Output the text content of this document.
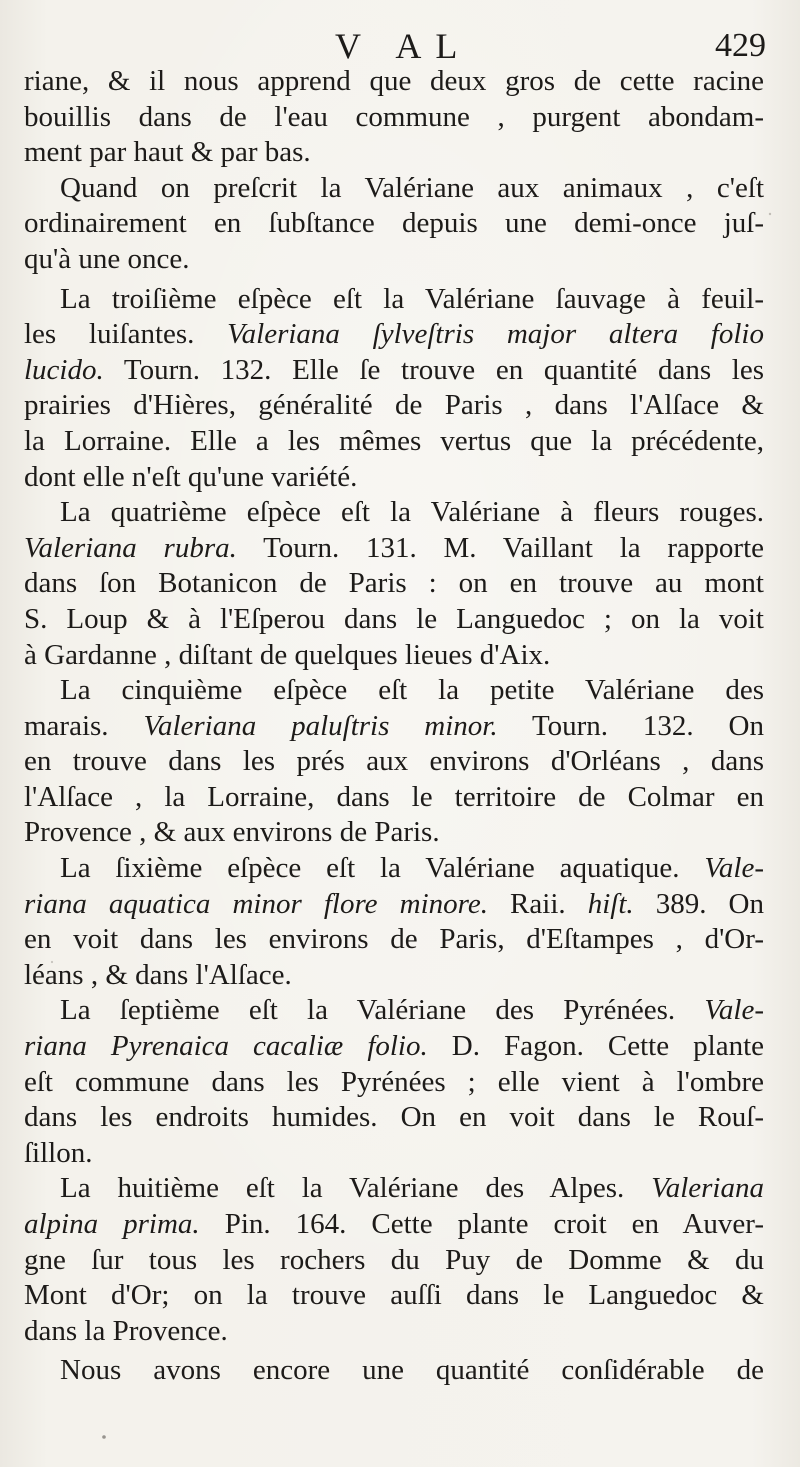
V AL	429
riane, & il nous apprend que deux gros de cette racine
bouillis dans de l'eau commune , purgent abondam-
ment par haut & par bas.
Quand on preſcrit la Valériane aux animaux , c'eſt
ordinairement en ſubſtance depuis une demi-once juſ-
qu'à une once.
La troiſième eſpèce eſt la Valériane ſauvage à feuil-
les luiſantes. Valeriana ſylveſtris major altera folio
lucido. Tourn. 132. Elle ſe trouve en quantité dans les
prairies d'Hières, généralité de Paris , dans l'Alſace &
la Lorraine. Elle a les mêmes vertus que la précédente,
dont elle n'eſt qu'une variété.
La quatrième eſpèce eſt la Valériane à fleurs rouges.
Valeriana rubra. Tourn. 131. M. Vaillant la rapporte
dans ſon Botanicon de Paris : on en trouve au mont
S. Loup & à l'Eſperou dans le Languedoc ; on la voit
à Gardanne , diſtant de quelques lieues d'Aix.
La cinquième eſpèce eſt la petite Valériane des
marais. Valeriana paluſtris minor. Tourn. 132. On
en trouve dans les prés aux environs d'Orléans , dans
l'Alſace , la Lorraine, dans le territoire de Colmar en
Provence , & aux environs de Paris.
La ſixième eſpèce eſt la Valériane aquatique. Vale-
riana aquatica minor flore minore. Raii. hiſt. 389. On
en voit dans les environs de Paris, d'Eſtampes , d'Or-
léans , & dans l'Alſace.
La ſeptième eſt la Valériane des Pyrénées. Vale-
riana Pyrenaica cacaliæ folio. D. Fagon. Cette plante
eſt commune dans les Pyrénées ; elle vient à l'ombre
dans les endroits humides. On en voit dans le Rouſ-
ſillon.
La huitième eſt la Valériane des Alpes. Valeriana
alpina prima. Pin. 164. Cette plante croit en Auver-
gne ſur tous les rochers du Puy de Domme & du
Mont d'Or; on la trouve auſſi dans le Languedoc &
dans la Provence.
Nous avons encore une quantité conſidérable de
